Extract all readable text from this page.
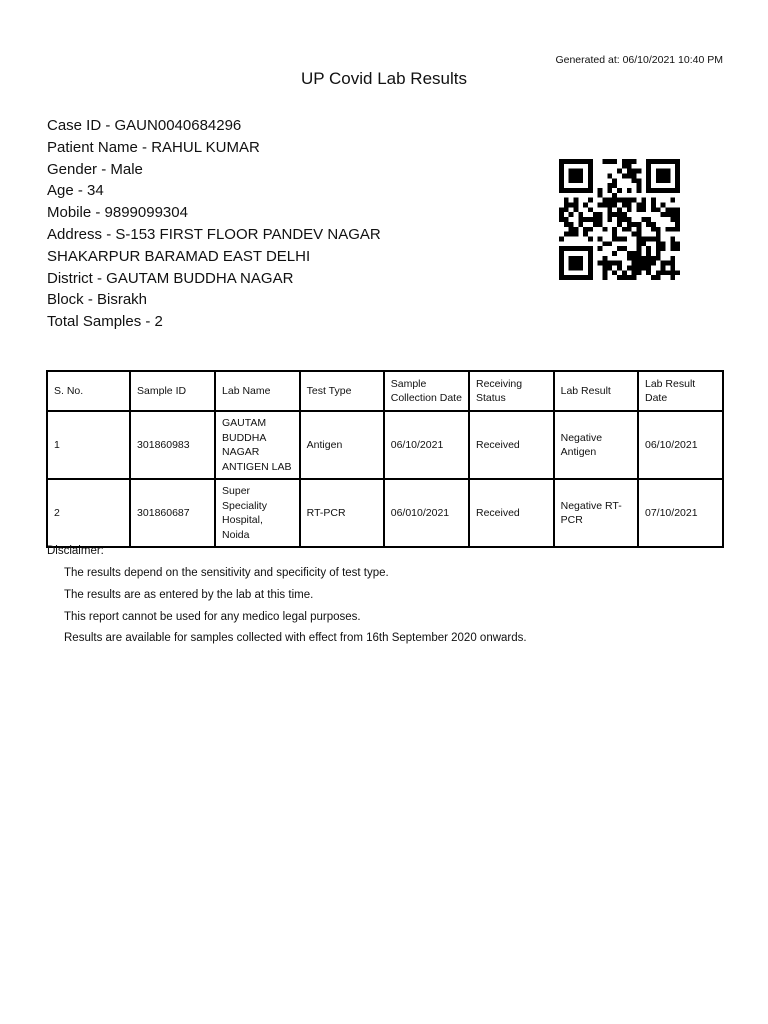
Generated at: 06/10/2021 10:40 PM
UP Covid Lab Results
Case ID - GAUN0040684296
Patient Name - RAHUL KUMAR
Gender - Male
Age - 34
Mobile - 9899099304
Address - S-153 FIRST FLOOR PANDEV NAGAR
SHAKARPUR BARAMAD EAST DELHI
District - GAUTAM BUDDHA NAGAR
Block - Bisrakh
Total Samples - 2
S. No.	Sample ID	Lab Name	Test Type	Sample Collection Date	Receiving Status	Lab Result	Lab Result Date
1	301860983	GAUTAM BUDDHA NAGAR ANTIGEN LAB	Antigen	06/10/2021	Received	Negative Antigen	06/10/2021
2	301860687	Super Speciality Hospital, Noida	RT-PCR	06/010/2021	Received	Negative RT-PCR	07/10/2021
Disclaimer:
The results depend on the sensitivity and specificity of test type.
The results are as entered by the lab at this time.
This report cannot be used for any medico legal purposes.
Results are available for samples collected with effect from 16th September 2020 onwards.
